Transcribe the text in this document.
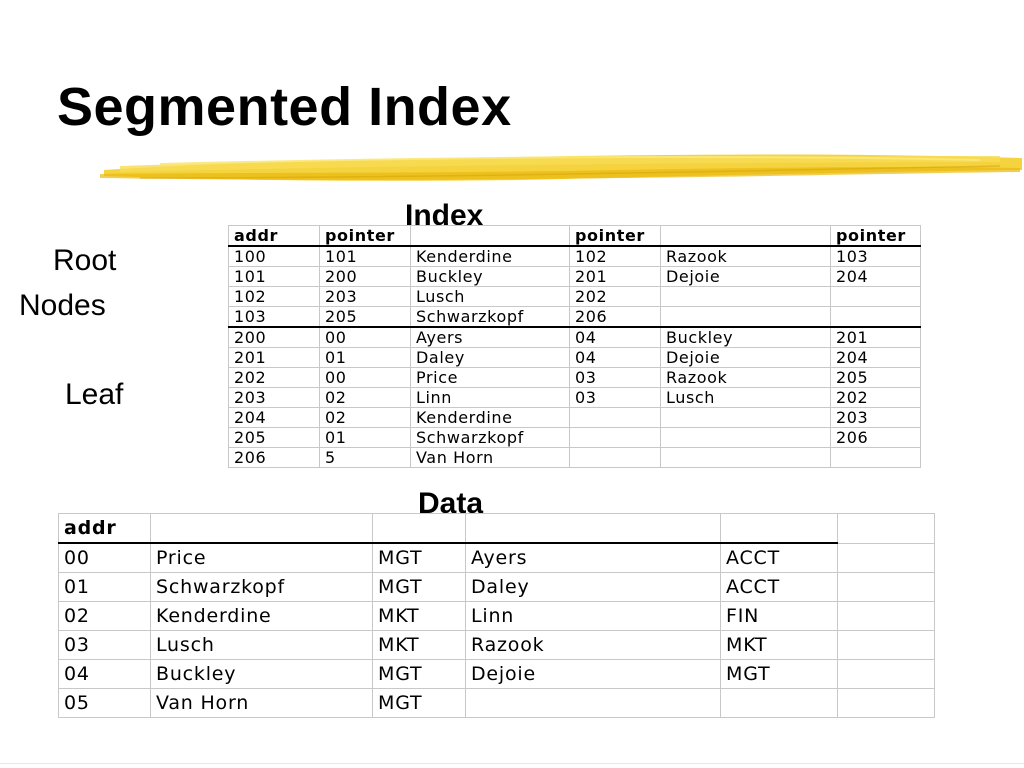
Segmented Index
Index
Root
Nodes
Leaf
addr	pointer		pointer		pointer
100	101	Kenderdine	102	Razook	103
101	200	Buckley	201	Dejoie	204
102	203	Lusch	202		
103	205	Schwarzkopf	206		
200	00	Ayers	04	Buckley	201
201	01	Daley	04	Dejoie	204
202	00	Price	03	Razook	205
203	02	Linn	03	Lusch	202
204	02	Kenderdine			203
205	01	Schwarzkopf			206
206	5	Van Horn			
Data
addr					
00	Price	MGT	Ayers	ACCT	
01	Schwarzkopf	MGT	Daley	ACCT	
02	Kenderdine	MKT	Linn	FIN	
03	Lusch	MKT	Razook	MKT	
04	Buckley	MGT	Dejoie	MGT	
05	Van Horn	MGT			
